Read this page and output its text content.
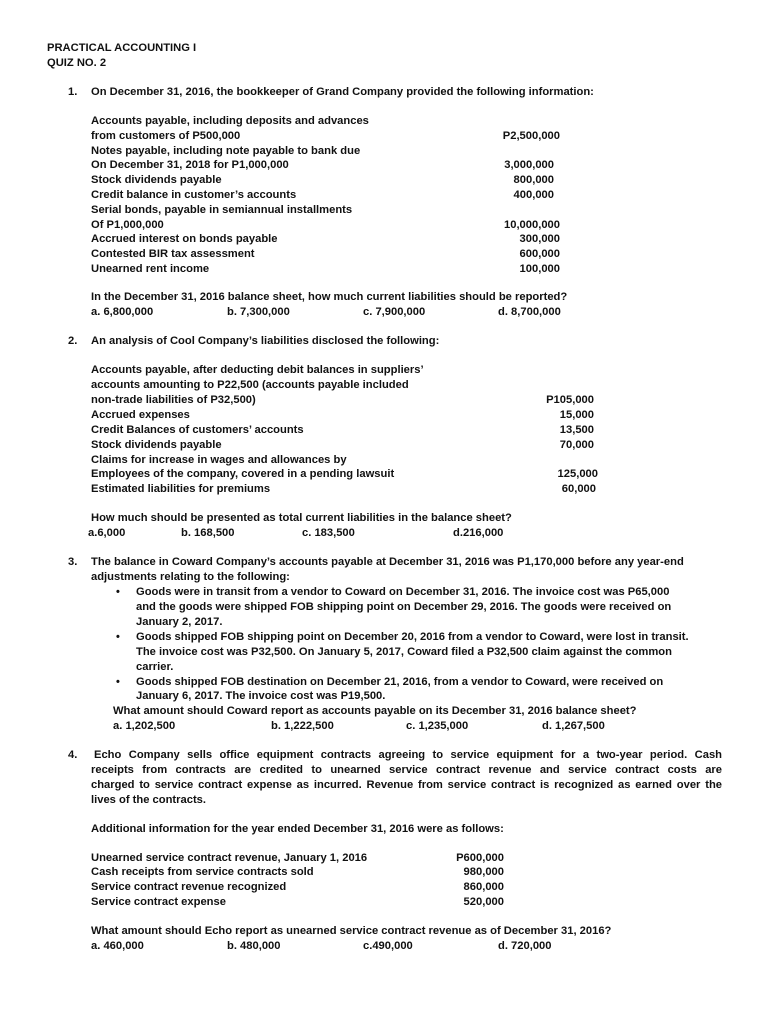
PRACTICAL ACCOUNTING I
QUIZ NO. 2
1. On December 31, 2016, the bookkeeper of Grand Company provided the following information:
Accounts payable, including deposits and advances
from customers of P500,000	P2,500,000
Notes payable, including note payable to bank due
On December 31, 2018 for P1,000,000	3,000,000
Stock dividends payable	800,000
Credit balance in customer’s accounts	400,000
Serial bonds, payable in semiannual installments
Of P1,000,000	10,000,000
Accrued interest on bonds payable	300,000
Contested BIR tax assessment	600,000
Unearned rent income	100,000
In the December 31, 2016 balance sheet, how much current liabilities should be reported?
a. 6,800,000	b. 7,300,000	c. 7,900,000	d. 8,700,000
2. An analysis of Cool Company’s liabilities disclosed the following:
Accounts payable, after deducting debit balances in suppliers’
accounts amounting to P22,500 (accounts payable included
non-trade liabilities of P32,500)	P105,000
Accrued expenses	15,000
Credit Balances of customers’ accounts	13,500
Stock dividends payable	70,000
Claims for increase in wages and allowances by
Employees of the company, covered in a pending lawsuit	125,000
Estimated liabilities for premiums	60,000
How much should be presented as total current liabilities in the balance sheet?
a.6,000	b. 168,500	c. 183,500	d.216,000
3. The balance in Coward Company’s accounts payable at December 31, 2016 was P1,170,000 before any year-end
adjustments relating to the following:
• Goods were in transit from a vendor to Coward on December 31, 2016. The invoice cost was P65,000
and the goods were shipped FOB shipping point on December 29, 2016. The goods were received on
January 2, 2017.
• Goods shipped FOB shipping point on December 20, 2016 from a vendor to Coward, were lost in transit.
The invoice cost was P32,500. On January 5, 2017, Coward filed a P32,500 claim against the common
carrier.
• Goods shipped FOB destination on December 21, 2016, from a vendor to Coward, were received on
January 6, 2017. The invoice cost was P19,500.
What amount should Coward report as accounts payable on its December 31, 2016 balance sheet?
a. 1,202,500	b. 1,222,500	c. 1,235,000	d. 1,267,500
4. Echo Company sells office equipment contracts agreeing to service equipment for a two-year period. Cash
receipts from contracts are credited to unearned service contract revenue and service contract costs are
charged to service contract expense as incurred. Revenue from service contract is recognized as earned over the
lives of the contracts.
Additional information for the year ended December 31, 2016 were as follows:
Unearned service contract revenue, January 1, 2016	P600,000
Cash receipts from service contracts sold	980,000
Service contract revenue recognized	860,000
Service contract expense	520,000
What amount should Echo report as unearned service contract revenue as of December 31, 2016?
a. 460,000	b. 480,000	c.490,000	d. 720,000
